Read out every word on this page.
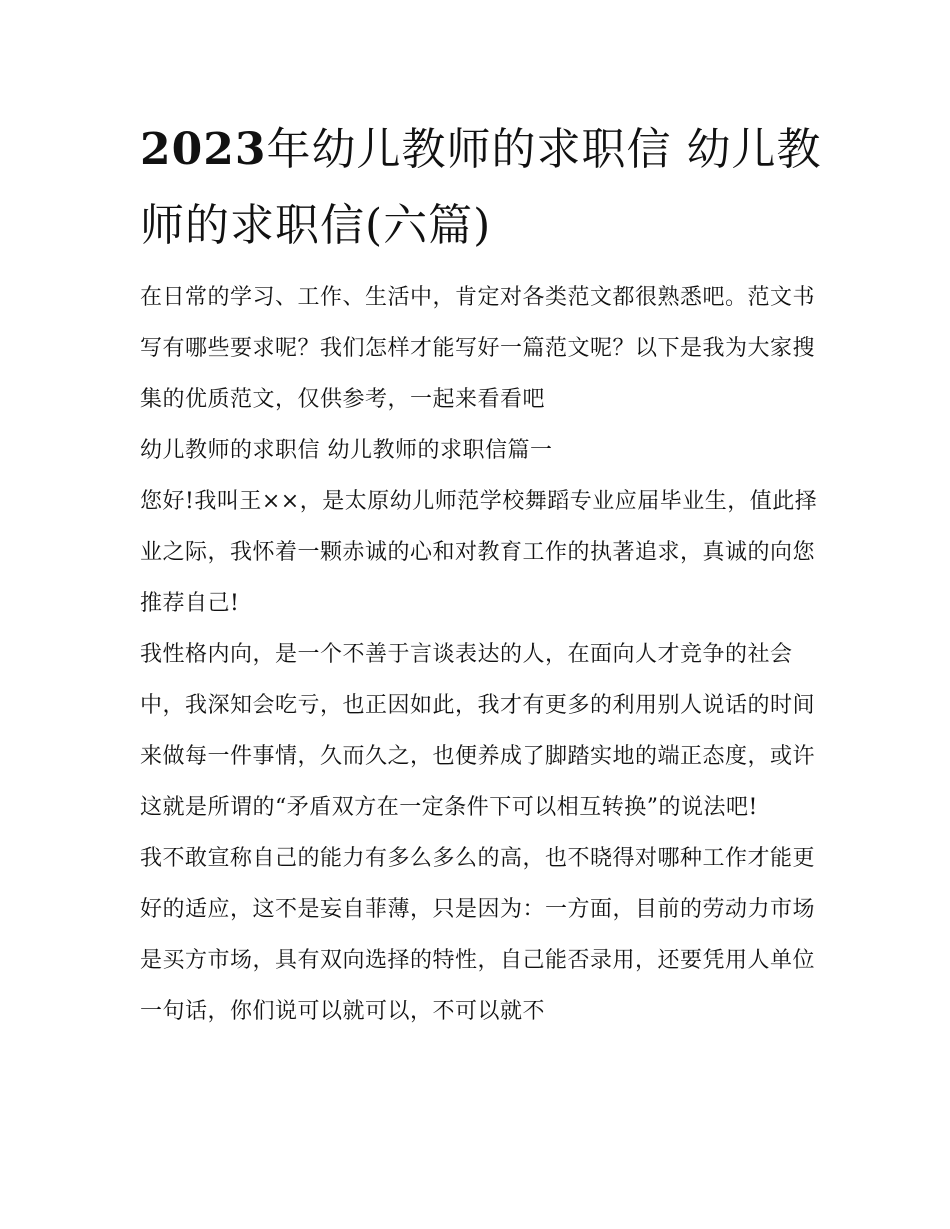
2023年幼儿教师的求职信 幼儿教师的求职信(六篇)

在日常的学习、工作、生活中，肯定对各类范文都很熟悉吧。范文书写有哪些要求呢？我们怎样才能写好一篇范文呢？以下是我为大家搜集的优质范文，仅供参考，一起来看看吧

幼儿教师的求职信 幼儿教师的求职信篇一

您好!我叫王××，是太原幼儿师范学校舞蹈专业应届毕业生，值此择业之际，我怀着一颗赤诚的心和对教育工作的执著追求，真诚的向您推荐自己!

我性格内向，是一个不善于言谈表达的人，在面向人才竞争的社会中，我深知会吃亏，也正因如此，我才有更多的利用别人说话的时间来做每一件事情，久而久之，也便养成了脚踏实地的端正态度，或许这就是所谓的“矛盾双方在一定条件下可以相互转换”的说法吧!

我不敢宣称自己的能力有多么多么的高，也不晓得对哪种工作才能更好的适应，这不是妄自菲薄，只是因为：一方面，目前的劳动力市场是买方市场，具有双向选择的特性，自己能否录用，还要凭用人单位一句话，你们说可以就可以，不可以就不
